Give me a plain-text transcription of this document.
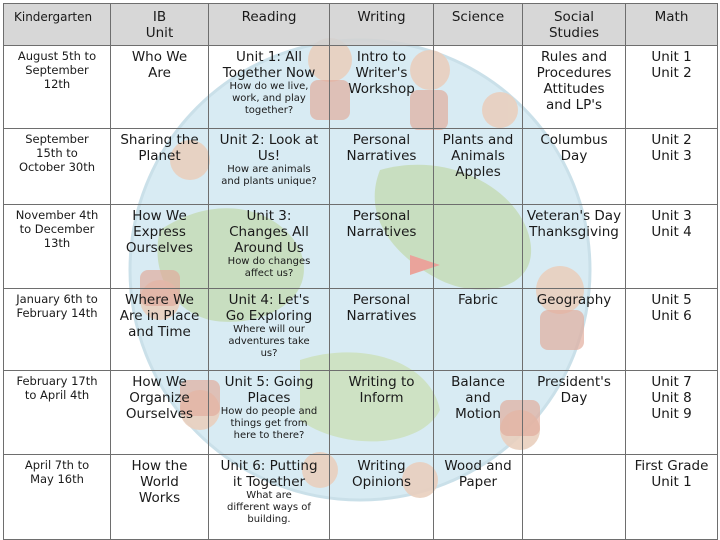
Kindergarten	IB
Unit	Reading	Writing	Science	Social
Studies	Math

August 5th to
September
12th	Who We
Are	Unit 1: All
Together Now
How do we live,
work, and play
together?	Intro to
Writer's
Workshop		Rules and
Procedures
Attitudes
and LP's	Unit 1
Unit 2

September
15th to
October 30th	Sharing the
Planet	Unit 2: Look at
Us!
How are animals
and plants unique?	Personal
Narratives	Plants and
Animals
Apples	Columbus
Day	Unit 2
Unit 3

November 4th
to December
13th	How We
Express
Ourselves	Unit 3:
Changes All
Around Us
How do changes
affect us?	Personal
Narratives		Veteran's Day
Thanksgiving	Unit 3
Unit 4

January 6th to
February 14th	Where We
Are in Place
and Time	Unit 4: Let's
Go Exploring
Where will our
adventures take
us?	Personal
Narratives	Fabric	Geography	Unit 5
Unit 6

February 17th
to April 4th	How We
Organize
Ourselves	Unit 5: Going
Places
How do people and
things get from
here to there?	Writing to
Inform	Balance
and
Motion	President's
Day	Unit 7
Unit 8
Unit 9

April 7th to
May 16th	How the
World
Works	Unit 6: Putting
it Together
What are
different ways of
building.	Writing
Opinions	Wood and
Paper		First Grade
Unit 1
